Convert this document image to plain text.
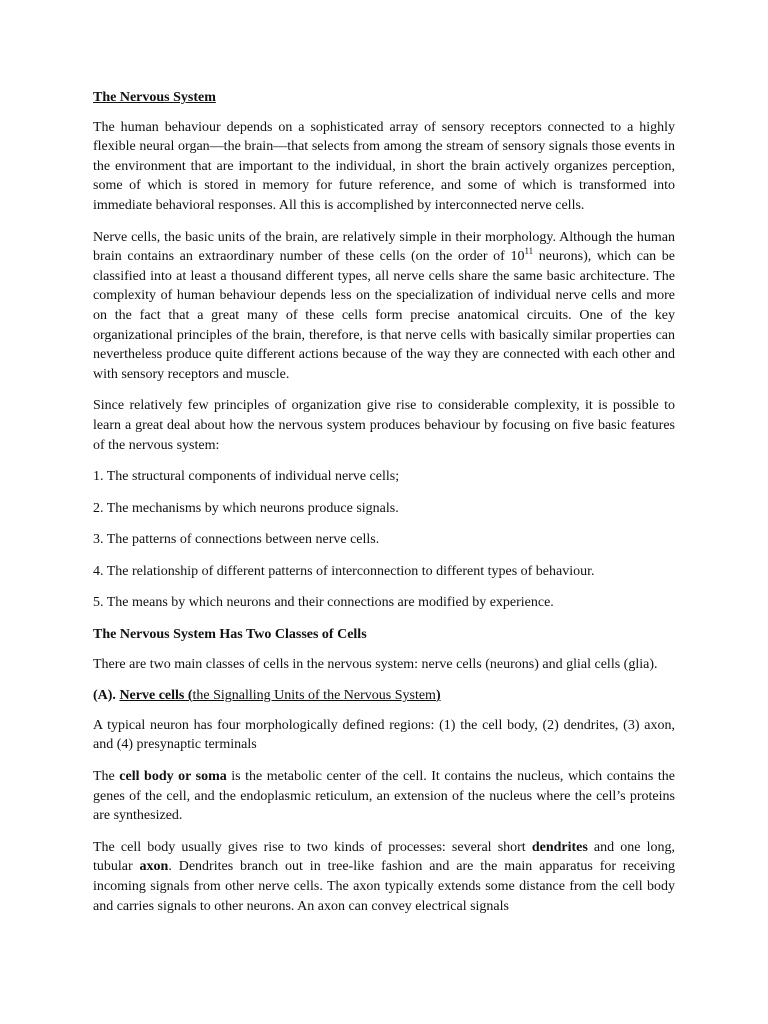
The Nervous System

The human behaviour depends on a sophisticated array of sensory receptors connected to a highly flexible neural organ—the brain—that selects from among the stream of sensory signals those events in the environment that are important to the individual, in short the brain actively organizes perception, some of which is stored in memory for future reference, and some of which is transformed into immediate behavioral responses. All this is accomplished by interconnected nerve cells.

Nerve cells, the basic units of the brain, are relatively simple in their morphology. Although the human brain contains an extraordinary number of these cells (on the order of $10^{11}$ neurons), which can be classified into at least a thousand different types, all nerve cells share the same basic architecture. The complexity of human behaviour depends less on the specialization of individual nerve cells and more on the fact that a great many of these cells form precise anatomical circuits. One of the key organizational principles of the brain, therefore, is that nerve cells with basically similar properties can nevertheless produce quite different actions because of the way they are connected with each other and with sensory receptors and muscle.

Since relatively few principles of organization give rise to considerable complexity, it is possible to learn a great deal about how the nervous system produces behaviour by focusing on five basic features of the nervous system:

1. The structural components of individual nerve cells;
2. The mechanisms by which neurons produce signals.
3. The patterns of connections between nerve cells.
4. The relationship of different patterns of interconnection to different types of behaviour.
5. The means by which neurons and their connections are modified by experience.
The Nervous System Has Two Classes of Cells

There are two main classes of cells in the nervous system: nerve cells (neurons) and glial cells (glia).

(A). Nerve cells (the Signalling Units of the Nervous System)

A typical neuron has four morphologically defined regions: (1) the cell body, (2) dendrites, (3) axon, and (4) presynaptic terminals

The cell body or soma is the metabolic center of the cell. It contains the nucleus, which contains the genes of the cell, and the endoplasmic reticulum, an extension of the nucleus where the cell’s proteins are synthesized.

The cell body usually gives rise to two kinds of processes: several short dendrites and one long, tubular axon. Dendrites branch out in tree-like fashion and are the main apparatus for receiving incoming signals from other nerve cells. The axon typically extends some distance from the cell body and carries signals to other neurons. An axon can convey electrical signals
